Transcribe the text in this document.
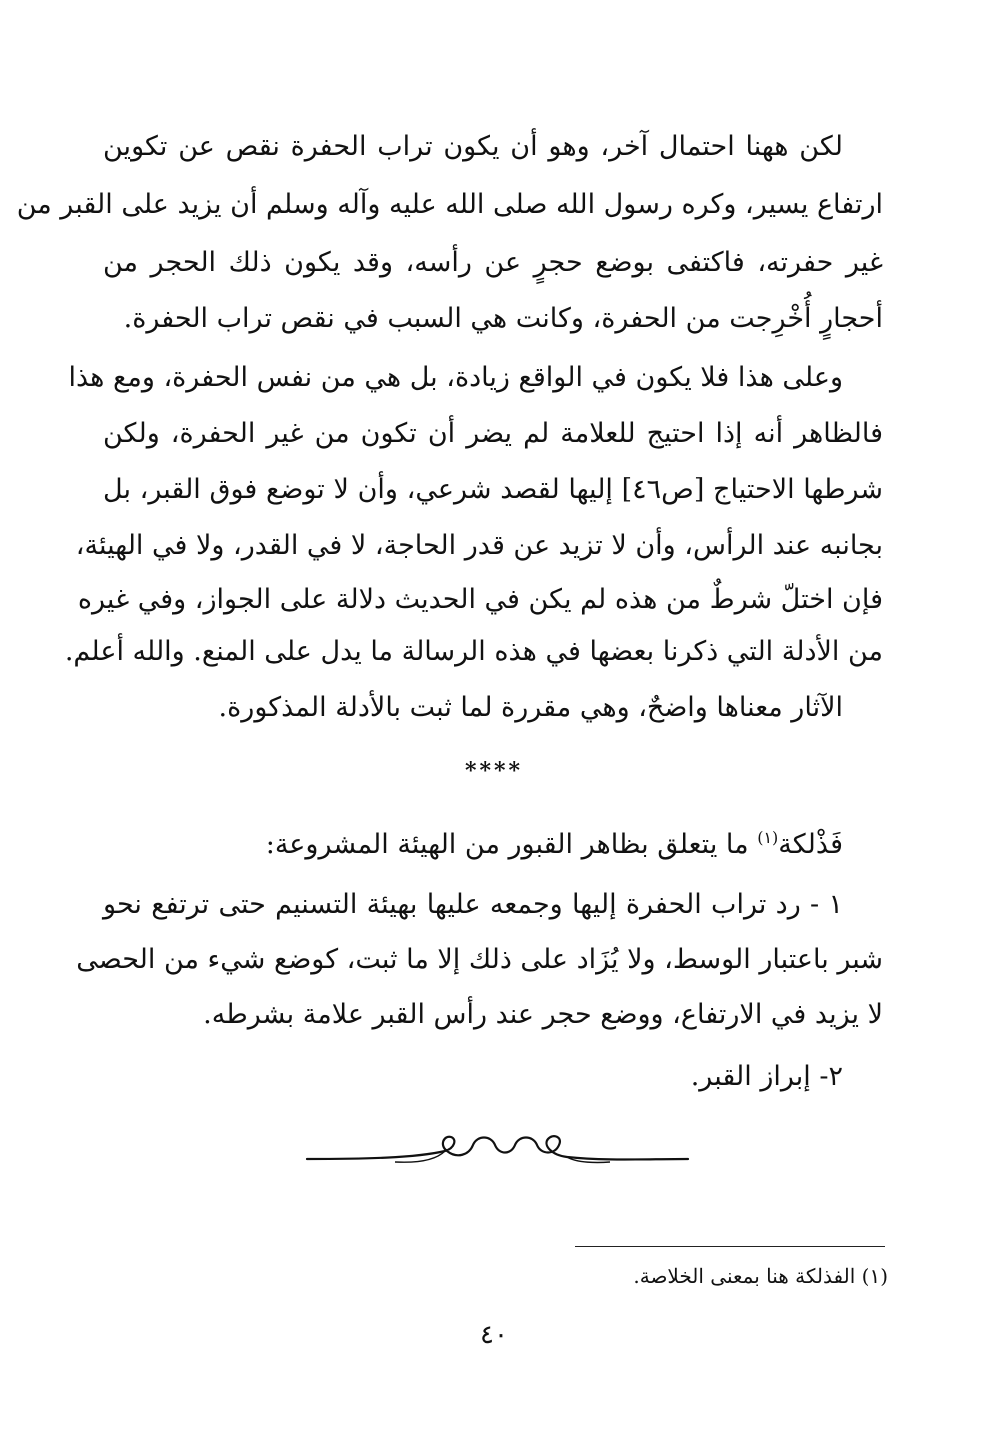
لكن ههنا احتمال آخر، وهو أن يكون تراب الحفرة نقص عن تكوين
ارتفاع يسير، وكره رسول الله صلى الله عليه وآله وسلم أن يزيد على القبر من
غير حفرته، فاكتفى بوضع حجرٍ عن رأسه، وقد يكون ذلك الحجر من
أحجارٍ أُخْرِجت من الحفرة، وكانت هي السبب في نقص تراب الحفرة.
وعلى هذا فلا يكون في الواقع زيادة، بل هي من نفس الحفرة، ومع هذا
فالظاهر أنه إذا احتيج للعلامة لم يضر أن تكون من غير الحفرة، ولكن
شرطها الاحتياج [ص٤٦] إليها لقصد شرعي، وأن لا توضع فوق القبر، بل
بجانبه عند الرأس، وأن لا تزيد عن قدر الحاجة، لا في القدر، ولا في الهيئة،
فإن اختلّ شرطٌ من هذه لم يكن في الحديث دلالة على الجواز، وفي غيره
من الأدلة التي ذكرنا بعضها في هذه الرسالة ما يدل على المنع. والله أعلم.
الآثار معناها واضحٌ، وهي مقررة لما ثبت بالأدلة المذكورة.
****
فَذْلكة$^{(١)}$ ما يتعلق بظاهر القبور من الهيئة المشروعة:
١ - رد تراب الحفرة إليها وجمعه عليها بهيئة التسنيم حتى ترتفع نحو
شبر باعتبار الوسط، ولا يُزَاد على ذلك إلا ما ثبت، كوضع شيء من الحصى
لا يزيد في الارتفاع، ووضع حجر عند رأس القبر علامة بشرطه.
٢- إبراز القبر.
(١) الفذلكة هنا بمعنى الخلاصة.
٤٠
